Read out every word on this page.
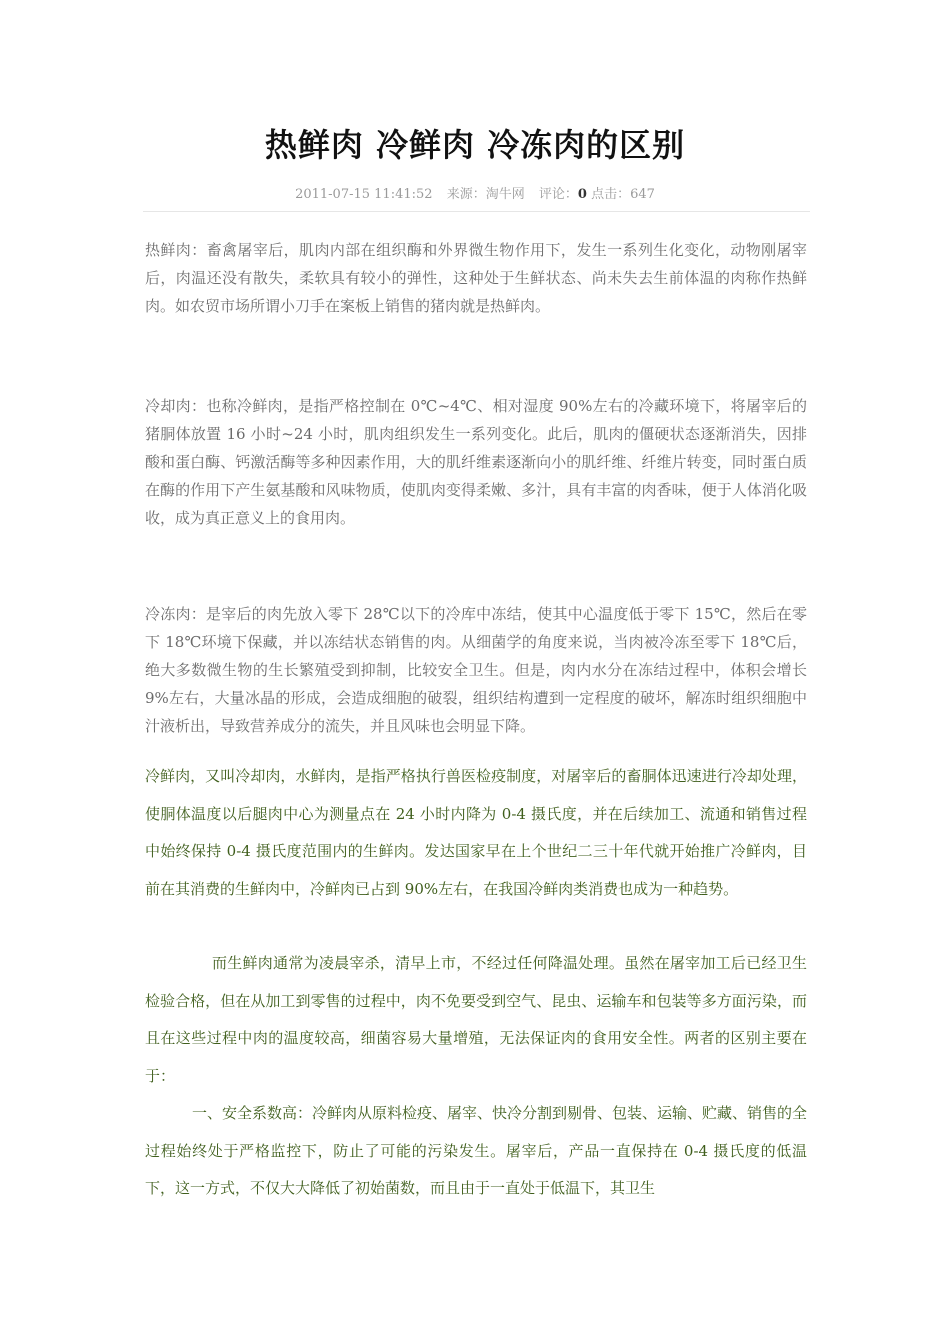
热鲜肉 冷鲜肉 冷冻肉的区别
2011-07-15 11:41:52 来源：淘牛网 评论：0 点击：647

热鲜肉：畜禽屠宰后，肌肉内部在组织酶和外界微生物作用下，发生一系列生化变化，动物刚屠宰后，肉温还没有散失，柔软具有较小的弹性，这种处于生鲜状态、尚未失去生前体温的肉称作热鲜肉。如农贸市场所谓小刀手在案板上销售的猪肉就是热鲜肉。

冷却肉：也称冷鲜肉，是指严格控制在 0℃~4℃、相对湿度 90%左右的冷藏环境下，将屠宰后的猪胴体放置 16 小时~24 小时，肌肉组织发生一系列变化。此后，肌肉的僵硬状态逐渐消失，因排酸和蛋白酶、钙激活酶等多种因素作用，大的肌纤维素逐渐向小的肌纤维、纤维片转变，同时蛋白质在酶的作用下产生氨基酸和风味物质，使肌肉变得柔嫩、多汁，具有丰富的肉香味，便于人体消化吸收，成为真正意义上的食用肉。

冷冻肉：是宰后的肉先放入零下 28℃以下的冷库中冻结，使其中心温度低于零下 15℃，然后在零下 18℃环境下保藏，并以冻结状态销售的肉。从细菌学的角度来说，当肉被冷冻至零下 18℃后，绝大多数微生物的生长繁殖受到抑制，比较安全卫生。但是，肉内水分在冻结过程中，体积会增长 9%左右，大量冰晶的形成，会造成细胞的破裂，组织结构遭到一定程度的破坏，解冻时组织细胞中汁液析出，导致营养成分的流失，并且风味也会明显下降。

冷鲜肉，又叫冷却肉，水鲜肉，是指严格执行兽医检疫制度，对屠宰后的畜胴体迅速进行冷却处理，使胴体温度以后腿肉中心为测量点在 24 小时内降为 0-4 摄氏度，并在后续加工、流通和销售过程中始终保持 0-4 摄氏度范围内的生鲜肉。发达国家早在上个世纪二三十年代就开始推广冷鲜肉，目前在其消费的生鲜肉中，冷鲜肉已占到 90%左右，在我国冷鲜肉类消费也成为一种趋势。

而生鲜肉通常为凌晨宰杀，清早上市，不经过任何降温处理。虽然在屠宰加工后已经卫生检验合格，但在从加工到零售的过程中，肉不免要受到空气、昆虫、运输车和包装等多方面污染，而且在这些过程中肉的温度较高，细菌容易大量增殖，无法保证肉的食用安全性。两者的区别主要在于：

一、安全系数高：冷鲜肉从原料检疫、屠宰、快冷分割到剔骨、包装、运输、贮藏、销售的全过程始终处于严格监控下，防止了可能的污染发生。屠宰后，产品一直保持在 0-4 摄氏度的低温下，这一方式，不仅大大降低了初始菌数，而且由于一直处于低温下，其卫生
